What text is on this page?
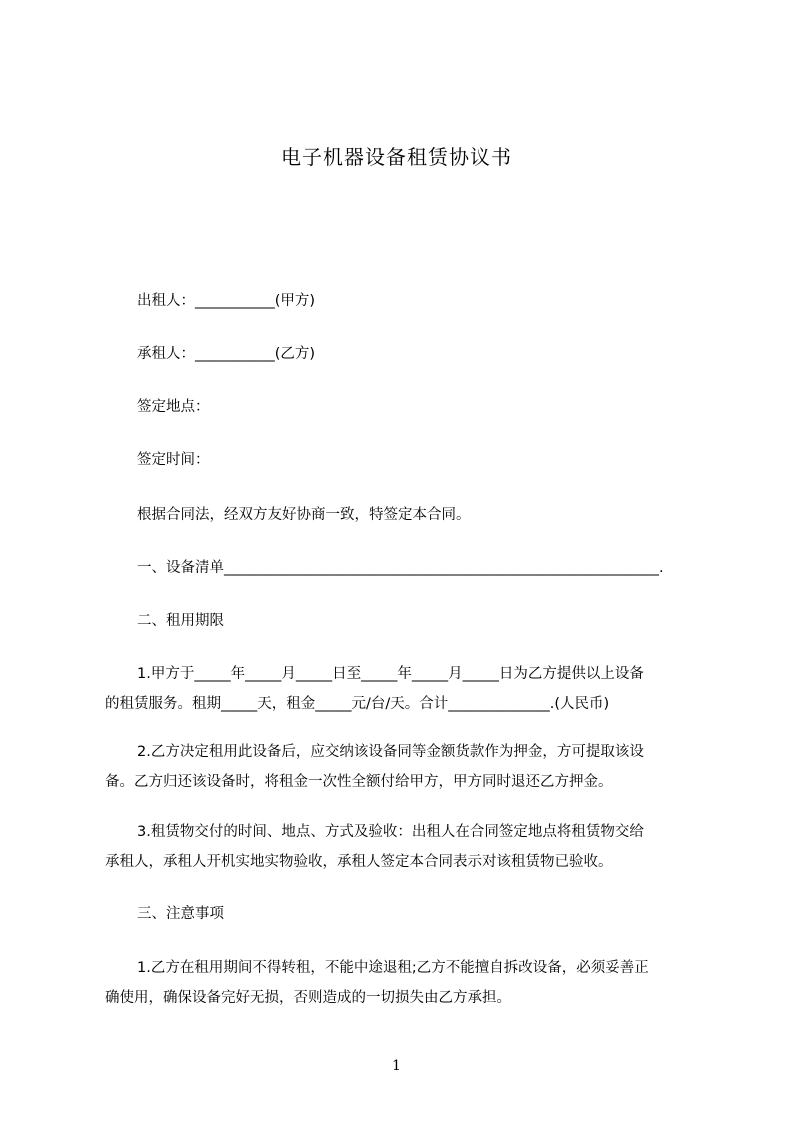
电子机器设备租赁协议书
出租人：___________(甲方)
承租人：___________(乙方)
签定地点：
签定时间：
根据合同法，经双方友好协商一致，特签定本合同。
一、设备清单____________________________________________________________.
二、租用期限
1.甲方于_____年_____月_____日至_____年_____月_____日为乙方提供以上设备
的租赁服务。租期_____天，租金_____元/台/天。合计______________.(人民币)
2.乙方决定租用此设备后，应交纳该设备同等金额货款作为押金，方可提取该设
备。乙方归还该设备时，将租金一次性全额付给甲方，甲方同时退还乙方押金。
3.租赁物交付的时间、地点、方式及验收：出租人在合同签定地点将租赁物交给
承租人，承租人开机实地实物验收，承租人签定本合同表示对该租赁物已验收。
三、注意事项
1.乙方在租用期间不得转租，不能中途退租;乙方不能擅自拆改设备，必须妥善正
确使用，确保设备完好无损，否则造成的一切损失由乙方承担。
1
